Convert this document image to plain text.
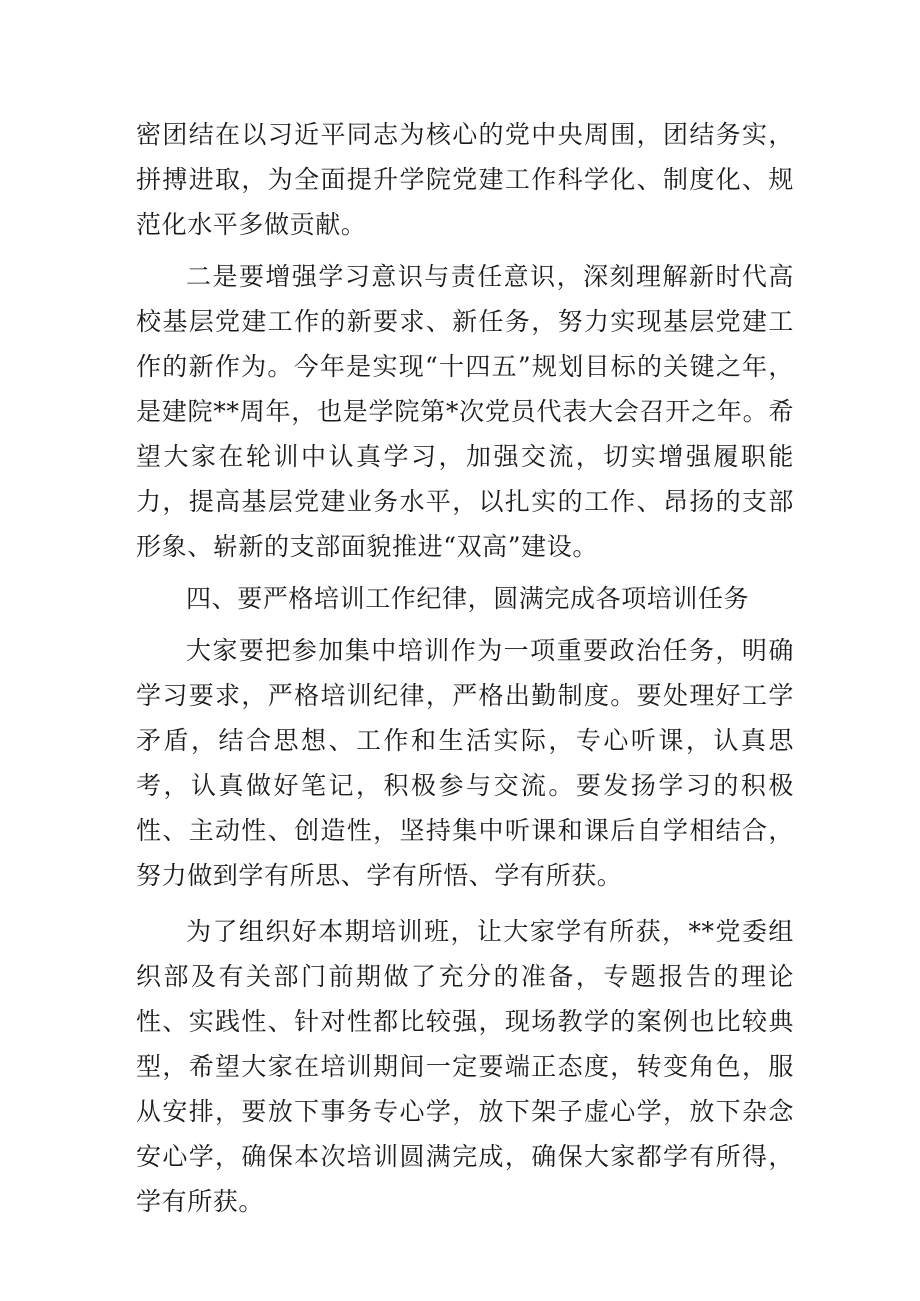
密团结在以习近平同志为核心的党中央周围，团结务实，拼搏进取，为全面提升学院党建工作科学化、制度化、规范化水平多做贡献。

二是要增强学习意识与责任意识，深刻理解新时代高校基层党建工作的新要求、新任务，努力实现基层党建工作的新作为。今年是实现“十四五”规划目标的关键之年，是建院**周年，也是学院第*次党员代表大会召开之年。希望大家在轮训中认真学习，加强交流，切实增强履职能力，提高基层党建业务水平，以扎实的工作、昂扬的支部形象、崭新的支部面貌推进“双高”建设。

四、要严格培训工作纪律，圆满完成各项培训任务

大家要把参加集中培训作为一项重要政治任务，明确学习要求，严格培训纪律，严格出勤制度。要处理好工学矛盾，结合思想、工作和生活实际，专心听课，认真思考，认真做好笔记，积极参与交流。要发扬学习的积极性、主动性、创造性，坚持集中听课和课后自学相结合，努力做到学有所思、学有所悟、学有所获。

为了组织好本期培训班，让大家学有所获，**党委组织部及有关部门前期做了充分的准备，专题报告的理论性、实践性、针对性都比较强，现场教学的案例也比较典型，希望大家在培训期间一定要端正态度，转变角色，服从安排，要放下事务专心学，放下架子虚心学，放下杂念安心学，确保本次培训圆满完成，确保大家都学有所得，学有所获。
